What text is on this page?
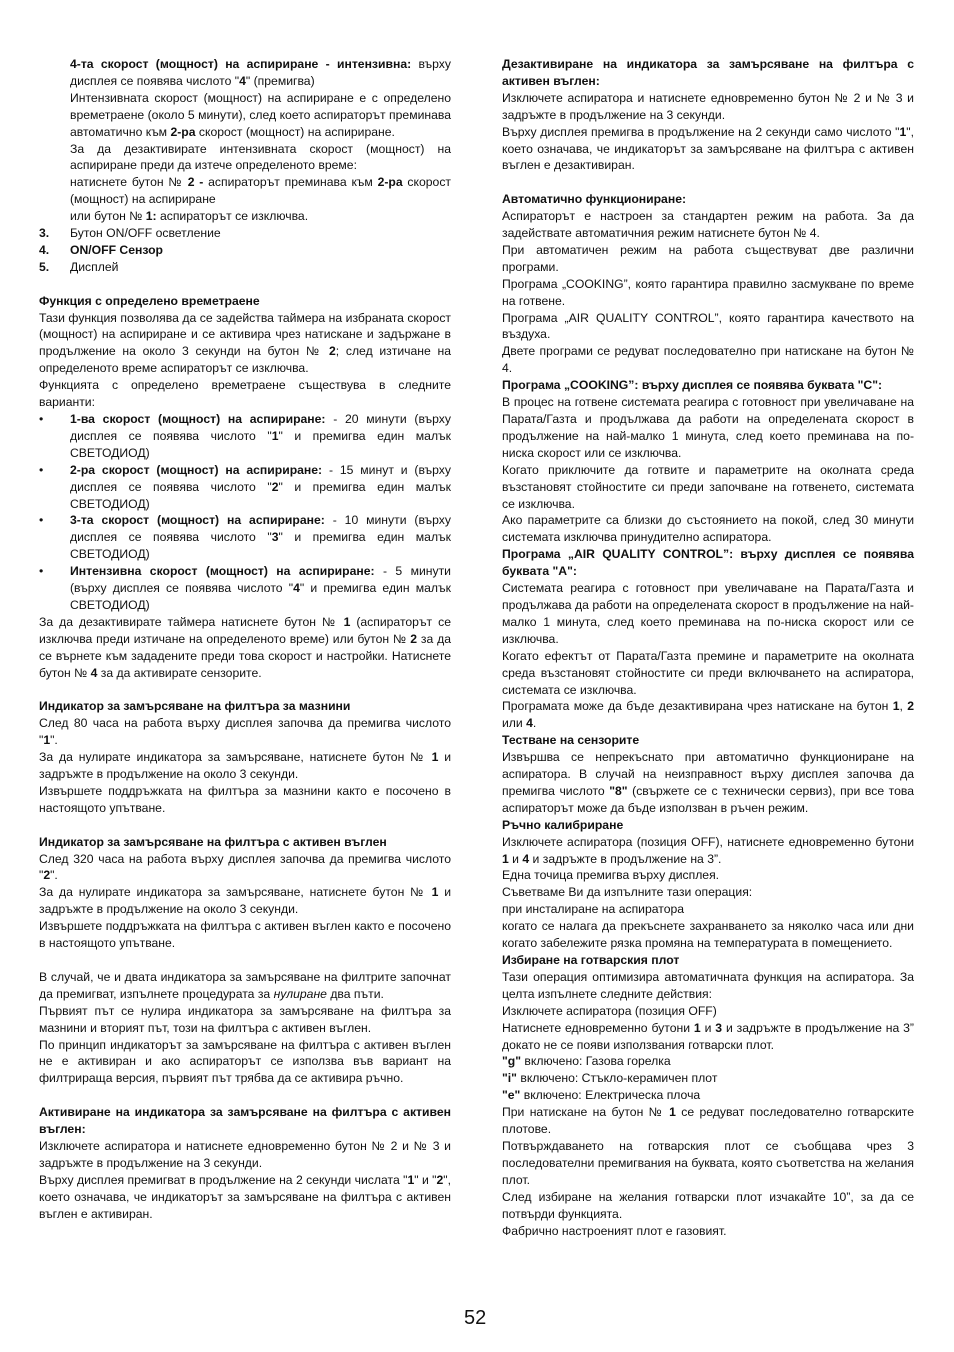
4-та скорост (мощност) на аспириране - интензивна: върху дисплея се появява числото "4" (премигва)

Интензивната скорост (мощност) на аспириране е с определено времетраене (около 5 минути), след което аспираторът преминава автоматично към 2-ра скорост (мощност) на аспириране.

За да дезактивирате интензивната скорост (мощност) на аспириране преди да изтече определеното време:

натиснете бутон № 2 - аспираторът преминава към 2-ра скорост (мощност) на аспириране

или бутон № 1: аспираторът се изключва.

3. Бутон ON/OFF осветление

4. ON/OFF Сензор

5. Дисплей

Функция с определено времетраене

Тази функция позволява да се задейства таймера на избраната скорост (мощност) на аспириране и се активира чрез натискане и задържане в продължение на около 3 секунди на бутон № 2; след изтичане на определеното време аспираторът се изключва.

Функцията с определено времетраене съществува в следните варианти:

• 1-ва скорост (мощност) на аспириране: - 20 минути (върху дисплея се появява числото "1" и премигва един малък СВЕТОДИОД)

• 2-ра скорост (мощност) на аспириране: - 15 минут и (върху дисплея се появява числото "2" и премигва един малък СВЕТОДИОД)

• 3-та скорост (мощност) на аспириране: - 10 минути (върху дисплея се появява числото "3" и премигва един малък СВЕТОДИОД)

• Интензивна скорост (мощност) на аспириране: - 5 минути (върху дисплея се появява числото "4" и премигва един малък СВЕТОДИОД)

За да дезактивирате таймера натиснете бутон № 1 (аспираторът се изключва преди изтичане на определеното време) или бутон № 2 за да се върнете към зададените преди това скорост и настройки. Натиснете бутон № 4 за да активирате сензорите.

Индикатор за замърсяване на филтъра за мазнини

След 80 часа на работа върху дисплея започва да премигва числото "1".

За да нулирате индикатора за замърсяване, натиснете бутон № 1 и задръжте в продължение на около 3 секунди.

Извършете поддръжката на филтъра за мазнини както е посочено в настоящото упътване.

Индикатор за замърсяване на филтъра с активен въглен

След 320 часа на работа върху дисплея започва да премигва числото "2".

За да нулирате индикатора за замърсяване, натиснете бутон № 1 и задръжте в продължение на около 3 секунди.

Извършете поддръжката на филтъра с активен въглен както е посочено в настоящото упътване.

В случай, че и двата индикатора за замърсяване на филтрите започнат да премигват, изпълнете процедурата за нулиране два пъти.

Първият път се нулира индикатора за замърсяване на филтъра за мазнини и вторият път, този на филтъра с активен въглен.

По принцип индикаторът за замърсяване на филтъра с активен въглен не е активиран и ако аспираторът се използва във вариант на филтрираща версия, първият път трябва да се активира ръчно.

Активиране на индикатора за замърсяване на филтъра с активен въглен:

Изключете аспиратора и натиснете едновременно бутон № 2 и № 3 и задръжте в продължение на 3 секунди.

Върху дисплея премигват в продължение на 2 секунди числата "1" и "2", което означава, че индикаторът за замърсяване на филтъра с активен въглен е активиран.

Дезактивиране на индикатора за замърсяване на филтъра с активен въглен:

Изключете аспиратора и натиснете едновременно бутон № 2 и № 3 и задръжте в продължение на 3 секунди.

Върху дисплея премигва в продължение на 2 секунди само числото "1", което означава, че индикаторът за замърсяване на филтъра с активен въглен е дезактивиран.

Автоматично функциониране:

Аспираторът е настроен за стандартен режим на работа. За да задействате автоматичния режим натиснете бутон № 4.

При автоматичен режим на работа съществуват две различни програми.

Програма „COOKING”, която гарантира правилно засмукване по време на готвене.

Програма „AIR QUALITY CONTROL”, която гарантира качеството на въздуха.

Двете програми се редуват последователно при натискане на бутон № 4.

Програма „COOKING”: върху дисплея се появява буквата "C":

В процес на готвене системата реагира с готовност при увеличаване на Парата/Газта и продължава да работи на определената скорост в продължение на най-малко 1 минута, след което преминава на по-ниска скорост или се изключва.

Когато приключите да готвите и параметрите на околната среда възстановят стойностите си преди започване на готвенето, системата се изключва.

Ако параметрите са близки до състоянието на покой, след 30 минути системата изключва принудително аспиратора.

Програма „AIR QUALITY CONTROL”: върху дисплея се появява буквата "A":

Системата реагира с готовност при увеличаване на Парата/Газта и продължава да работи на определената скорост в продължение на най-малко 1 минута, след което преминава на по-ниска скорост или се изключва.

Когато ефектът от Парата/Газта премине и параметрите на околната среда възстановят стойностите си преди включването на аспиратора, системата се изключва.

Програмата може да бъде дезактивирана чрез натискане на бутон 1, 2 или 4.

Тестване на сензорите

Извършва се непрекъснато при автоматично функциониране на аспиратора. В случай на неизправност върху дисплея започва да премигва числото "8" (свържете се с технически сервиз), при все това аспираторът може да бъде използван в ръчен режим.

Ръчно калибриране

Изключете аспиратора (позиция OFF), натиснете едновременно бутони 1 и 4 и задръжте в продължение на 3”.

Една точица премигва върху дисплея.

Съветваме Ви да изпълните тази операция:

при инсталиране на аспиратора

когато се налага да прекъснете захранването за няколко часа или дни когато забележите рязка промяна на температурата в помещението.

Избиране на готварския плот

Тази операция оптимизира автоматичната функция на аспиратора. За целта изпълнете следните действия:

Изключете аспиратора (позиция OFF)

Натиснете едновременно бутони 1 и 3 и задръжте в продължение на 3” докато не се появи използвания готварски плот.

"g" включено: Газова горелка

"i" включено: Стъкло-керамичен плот

"e" включено: Електрическа плоча

При натискане на бутон № 1 се редуват последователно готварските плотове.

Потвърждаването на готварския плот се съобщава чрез 3 последователни премигвания на буквата, която съответства на желания плот.

След избиране на желания готварски плот изчакайте 10”, за да се потвърди функцията.

Фабрично настроеният плот е газовият.

52
